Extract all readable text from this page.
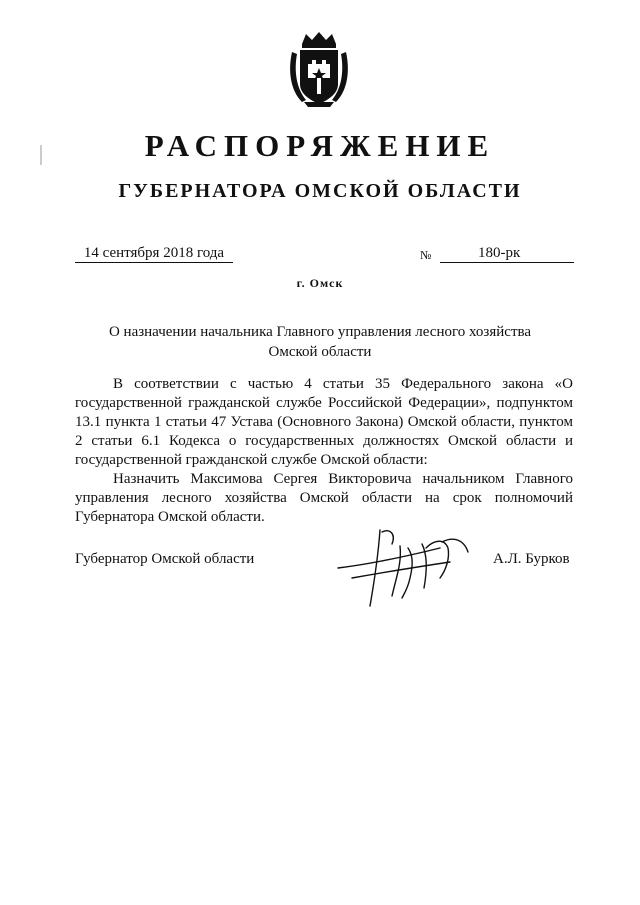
РАСПОРЯЖЕНИЕ
ГУБЕРНАТОРА ОМСКОЙ ОБЛАСТИ
14 сентября 2018 года	№	180-рк
г. Омск
О назначении начальника Главного управления лесного хозяйства
Омской области

В соответствии с частью 4 статьи 35 Федерального закона «О государственной гражданской службе Российской Федерации», подпунктом 13.1 пункта 1 статьи 47 Устава (Основного Закона) Омской области, пунктом 2 статьи 6.1 Кодекса о государственных должностях Омской области и государственной гражданской службе Омской области:

Назначить Максимова Сергея Викторовича начальником Главного управления лесного хозяйства Омской области на срок полномочий Губернатора Омской области.

Губернатор Омской области	А.Л. Бурков
